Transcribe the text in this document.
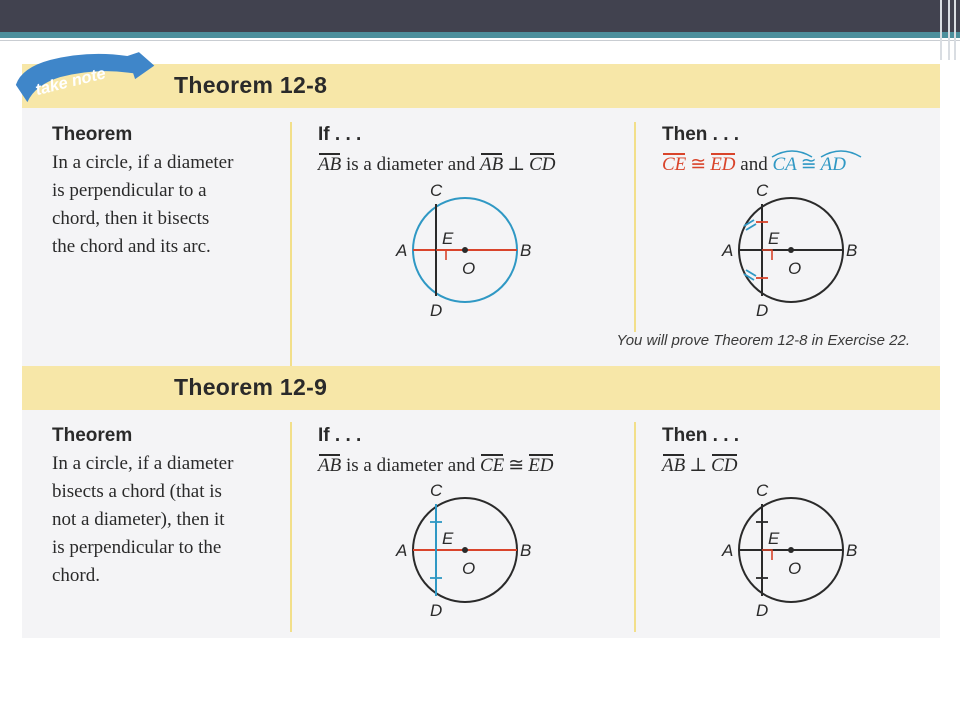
Theorem 12-8
Theorem
In a circle, if a diameter
is perpendicular to a
chord, then it bisects
the chord and its arc.
If . . .
AB is a diameter and AB ⊥ CD
Then . . .
CE ≅ ED and
CA ≅ AD
C
A	B
E
O
D
C
A	B
E
O
D
You will prove Theorem 12-8 in Exercise 22.
Theorem 12-9
Theorem
In a circle, if a diameter
bisects a chord (that is
not a diameter), then it
is perpendicular to the
chord.
If . . .
AB is a diameter and CE ≅ ED
Then . . .
AB ⊥ CD
C
A	B
E
O
D
C
A	B
E
O
D
take note
